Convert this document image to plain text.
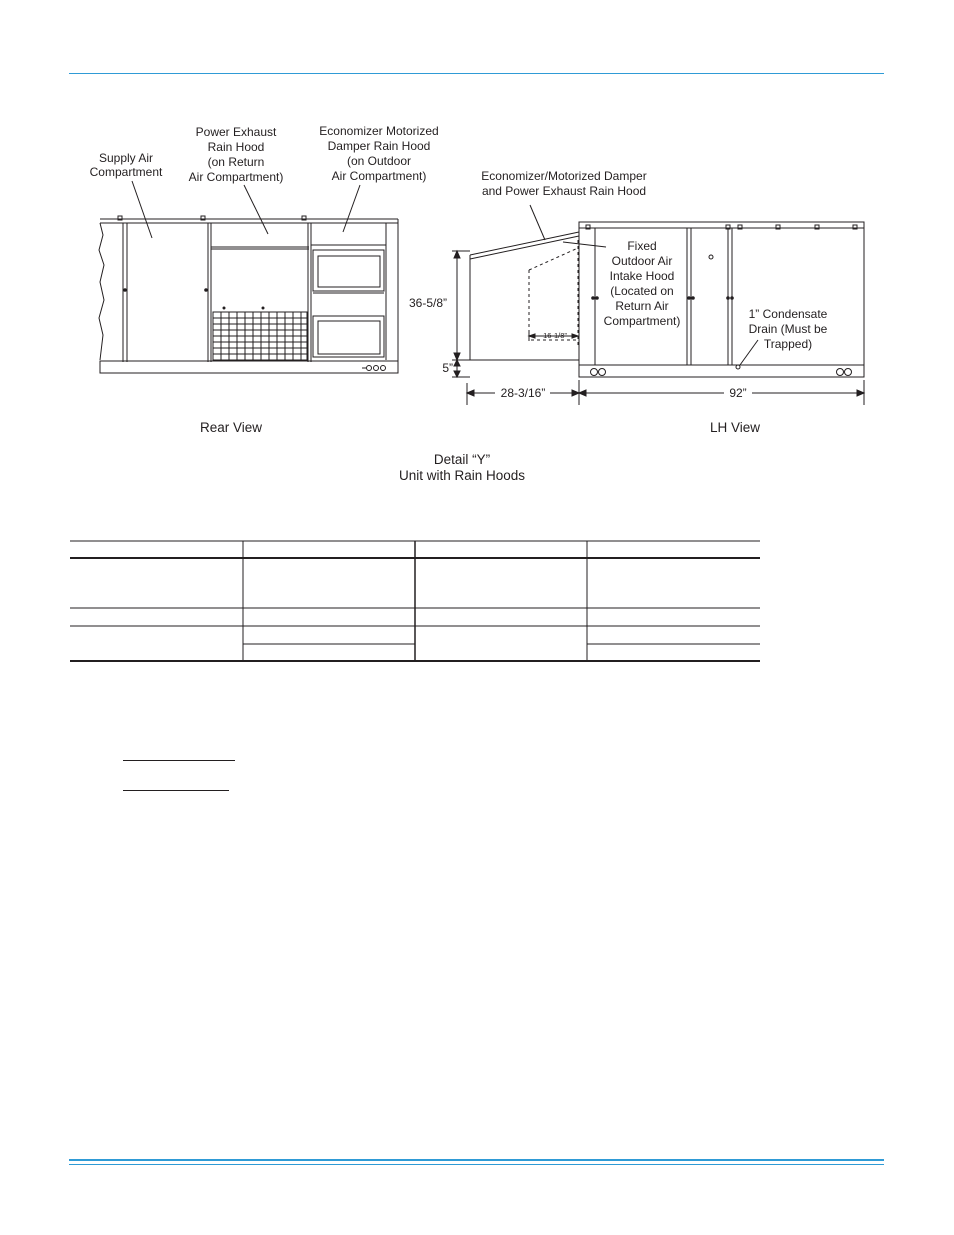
Supply Air
Compartment
Power Exhaust
Rain Hood
(on Return
Air Compartment)
Economizer Motorized
Damper Rain Hood
(on Outdoor
Air Compartment)	Economizer/Motorized Damper
and Power Exhaust Rain Hood
Fixed
Outdoor Air
Intake Hood
(Located on
Return Air
Compartment)	1” Condensate
Drain (Must be
Trapped)
16-1/8”
28-3/16”	92”
Rear View	LH View
Detail “Y”
Unit with Rain Hoods
36-5/8”
5”
